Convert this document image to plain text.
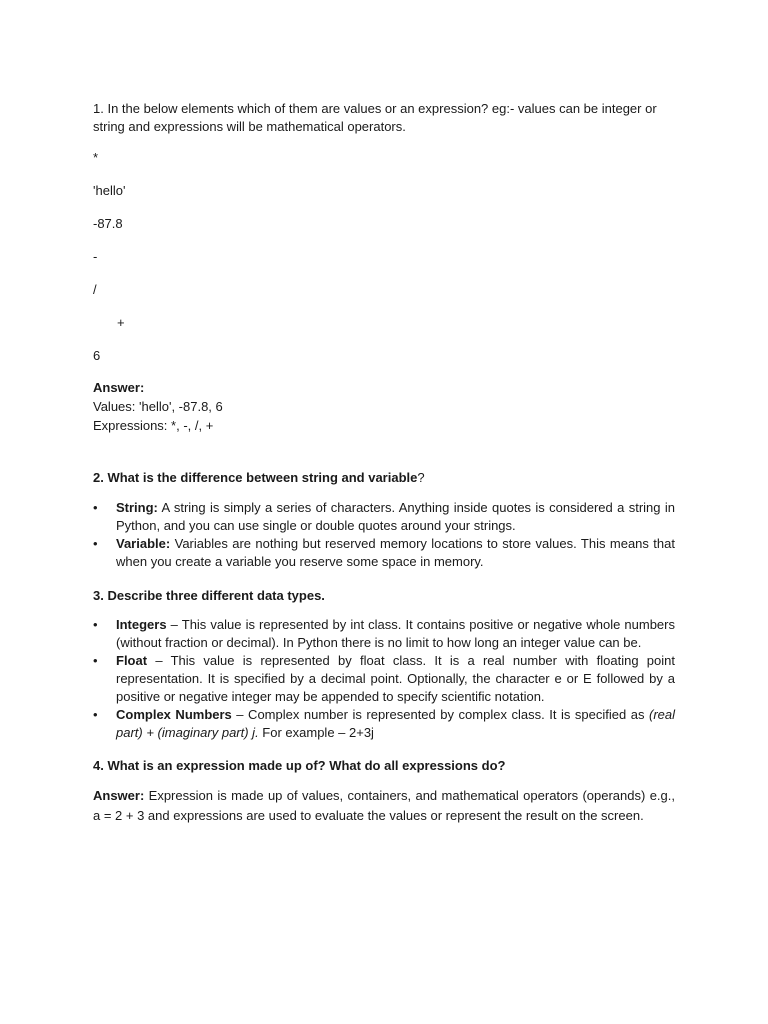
1. In the below elements which of them are values or an expression? eg:- values can be integer or string and expressions will be mathematical operators.

*

'hello'

-87.8

-

/

+

6

Answer:
Values: 'hello', -87.8, 6
Expressions: *, -, /, +

2. What is the difference between string and variable?

• String: A string is simply a series of characters. Anything inside quotes is considered a string in Python, and you can use single or double quotes around your strings.
• Variable: Variables are nothing but reserved memory locations to store values. This means that when you create a variable you reserve some space in memory.

3. Describe three different data types.

• Integers – This value is represented by int class. It contains positive or negative whole numbers (without fraction or decimal). In Python there is no limit to how long an integer value can be.
• Float – This value is represented by float class. It is a real number with floating point representation. It is specified by a decimal point. Optionally, the character e or E followed by a positive or negative integer may be appended to specify scientific notation.
• Complex Numbers – Complex number is represented by complex class. It is specified as (real part) + (imaginary part) j. For example – 2+3j

4. What is an expression made up of? What do all expressions do?

Answer: Expression is made up of values, containers, and mathematical operators (operands) e.g., a = 2 + 3 and expressions are used to evaluate the values or represent the result on the screen.
